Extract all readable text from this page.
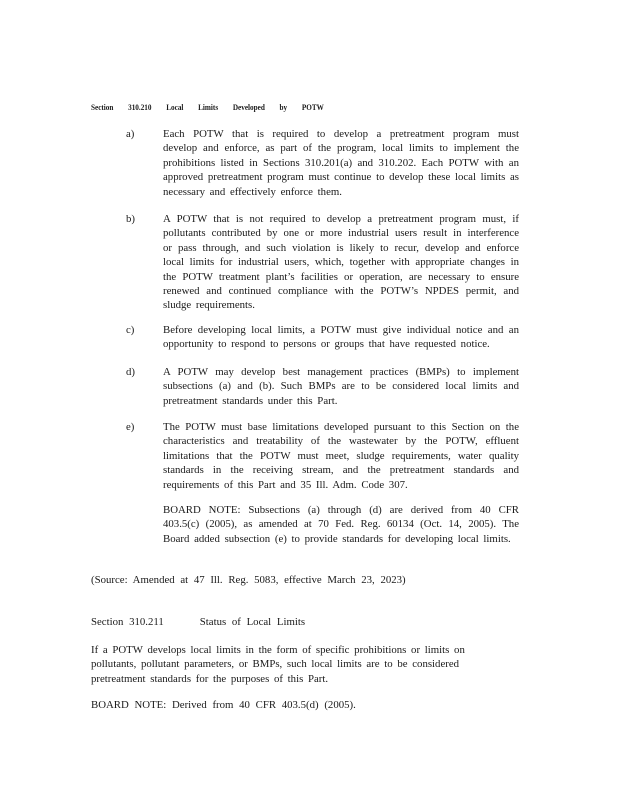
Section 310.210 Local Limits Developed by POTW
a)	Each POTW that is required to develop a pretreatment program must develop and enforce, as part of the program, local limits to implement the prohibitions listed in Sections 310.201(a) and 310.202. Each POTW with an approved pretreatment program must continue to develop these local limits as necessary and effectively enforce them.
b)	A POTW that is not required to develop a pretreatment program must, if pollutants contributed by one or more industrial users result in interference or pass through, and such violation is likely to recur, develop and enforce local limits for industrial users, which, together with appropriate changes in the POTW treatment plant’s facilities or operation, are necessary to ensure renewed and continued compliance with the POTW’s NPDES permit, and sludge requirements.
c)	Before developing local limits, a POTW must give individual notice and an opportunity to respond to persons or groups that have requested notice.
d)	A POTW may develop best management practices (BMPs) to implement subsections (a) and (b). Such BMPs are to be considered local limits and pretreatment standards under this Part.
e)	The POTW must base limitations developed pursuant to this Section on the characteristics and treatability of the wastewater by the POTW, effluent limitations that the POTW must meet, sludge requirements, water quality standards in the receiving stream, and the pretreatment standards and requirements of this Part and 35 Ill. Adm. Code 307.
BOARD NOTE: Subsections (a) through (d) are derived from 40 CFR 403.5(c) (2005), as amended at 70 Fed. Reg. 60134 (Oct. 14, 2005). The Board added subsection (e) to provide standards for developing local limits.
(Source: Amended at 47 Ill. Reg. 5083, effective March 23, 2023)
Section 310.211	Status of Local Limits
If a POTW develops local limits in the form of specific prohibitions or limits on pollutants, pollutant parameters, or BMPs, such local limits are to be considered pretreatment standards for the purposes of this Part.
BOARD NOTE: Derived from 40 CFR 403.5(d) (2005).
